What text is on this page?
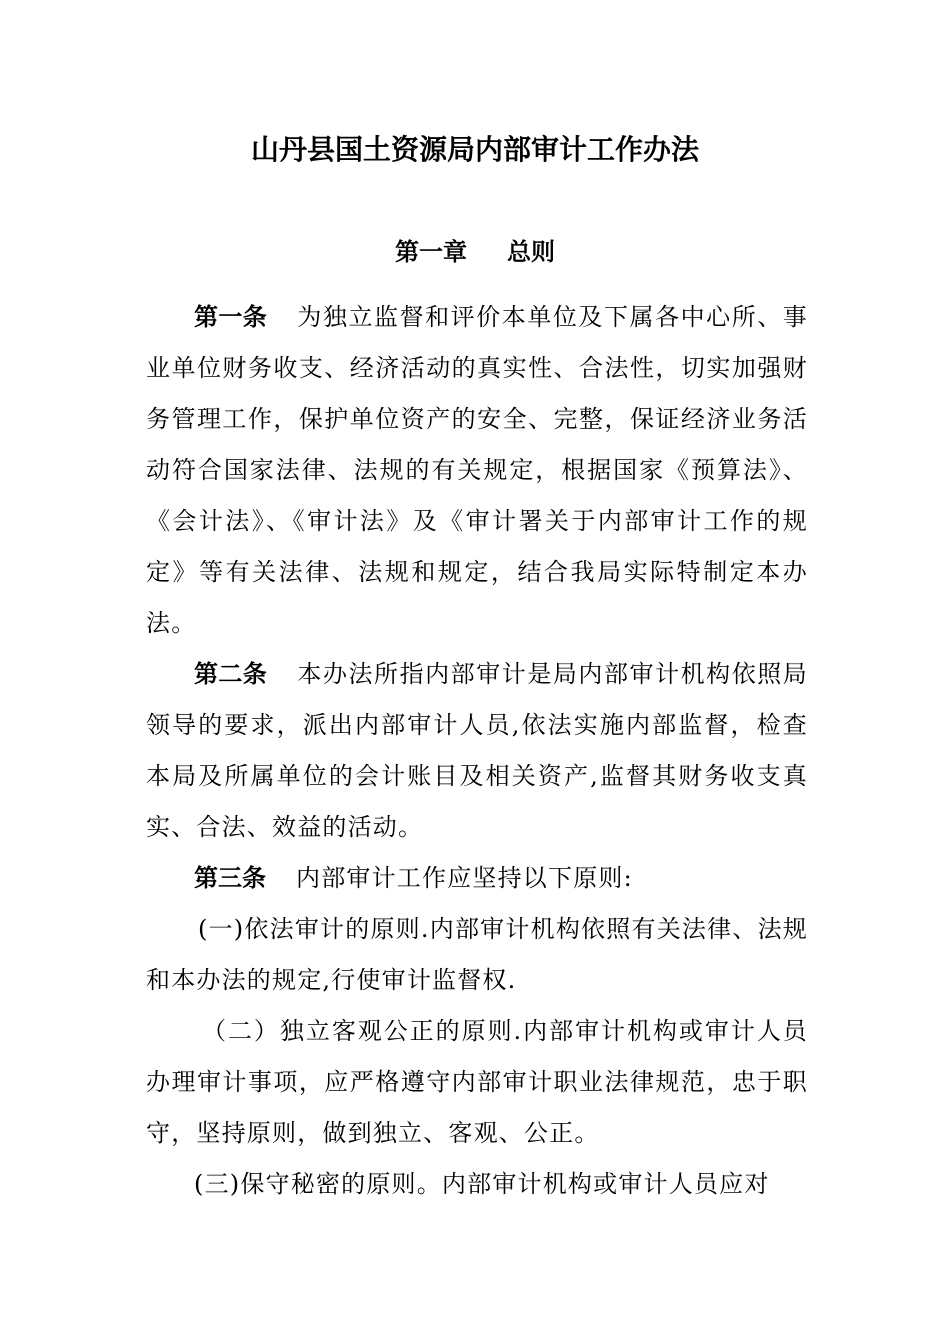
山丹县国土资源局内部审计工作办法
第一章 总则

第一条 为独立监督和评价本单位及下属各中心所、事业单位财务收支、经济活动的真实性、合法性，切实加强财务管理工作，保护单位资产的安全、完整，保证经济业务活动符合国家法律、法规的有关规定，根据国家《预算法》、《会计法》、《审计法》及《审计署关于内部审计工作的规定》等有关法律、法规和规定，结合我局实际特制定本办法。

第二条 本办法所指内部审计是局内部审计机构依照局领导的要求，派出内部审计人员,依法实施内部监督，检查本局及所属单位的会计账目及相关资产,监督其财务收支真实、合法、效益的活动。

第三条 内部审计工作应坚持以下原则:

(一)依法审计的原则.内部审计机构依照有关法律、法规和本办法的规定,行使审计监督权.

（二）独立客观公正的原则.内部审计机构或审计人员办理审计事项，应严格遵守内部审计职业法律规范，忠于职守，坚持原则，做到独立、客观、公正。

(三)保守秘密的原则。内部审计机构或审计人员应对
